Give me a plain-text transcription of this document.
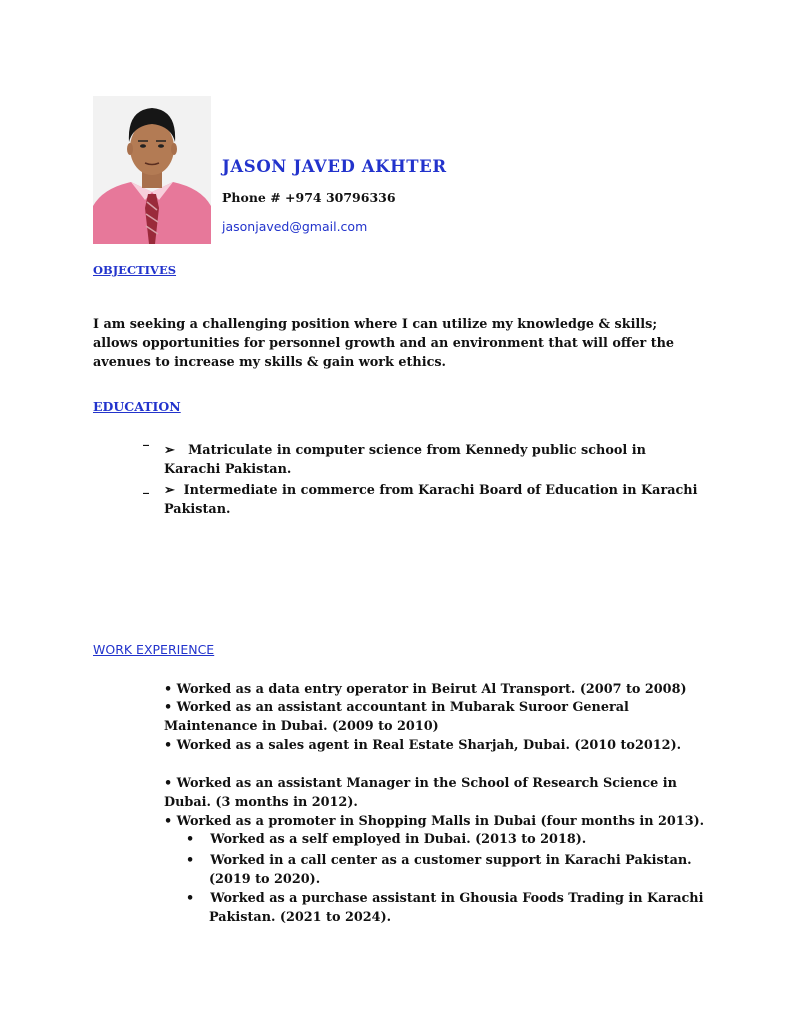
JASON JAVED AKHTER
Phone # +974 30796336
jasonjaved@gmail.com
OBJECTIVES
I am seeking a challenging position where I can utilize my knowledge & skills;
allows opportunities for personnel growth and an environment that will offer the
avenues to increase my skills & gain work ethics.
EDUCATION
_
➢ Matriculate in computer science from Kennedy public school in
Karachi Pakistan.
_ ➢ Intermediate in commerce from Karachi Board of Education in Karachi
Pakistan.
WORK EXPERIENCE
• Worked as a data entry operator in Beirut Al Transport. (2007 to 2008)
• Worked as an assistant accountant in Mubarak Suroor General
Maintenance in Dubai. (2009 to 2010)
• Worked as a sales agent in Real Estate Sharjah, Dubai. (2010 to2012).
• Worked as an assistant Manager in the School of Research Science in
Dubai. (3 months in 2012).
• Worked as a promoter in Shopping Malls in Dubai (four months in 2013).
• Worked as a self employed in Dubai. (2013 to 2018).
• Worked in a call center as a customer support in Karachi Pakistan.
(2019 to 2020).
• Worked as a purchase assistant in Ghousia Foods Trading in Karachi
Pakistan. (2021 to 2024).
